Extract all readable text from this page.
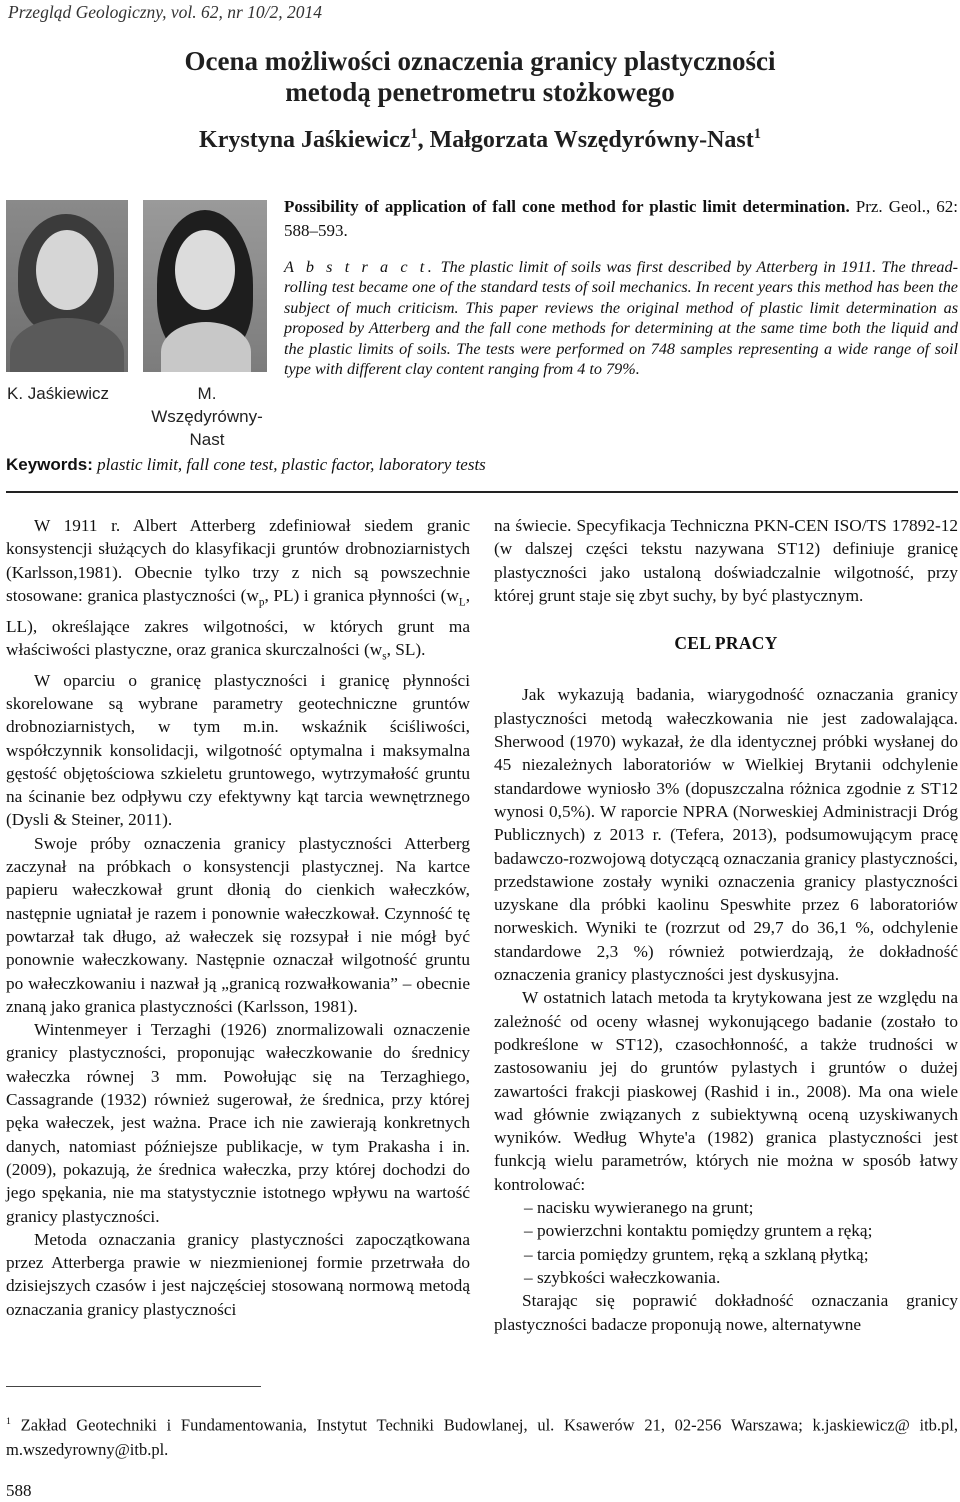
Przegląd Geologiczny, vol. 62, nr 10/2, 2014
Ocena możliwości oznaczenia granicy plastyczności
metodą penetrometru stożkowego
Krystyna Jaśkiewicz$^1$, Małgorzata Wszędyrówny-Nast$^1$
K. Jaśkiewicz	M. Wszędyrówny-Nast
Possibility of application of fall cone method for plastic limit determination. Prz. Geol., 62: 588–593.
A b s t r a c t. The plastic limit of soils was first described by Atterberg in 1911. The thread-rolling test became one of the standard tests of soil mechanics. In recent years this method has been the subject of much criticism. This paper reviews the original method of plastic limit determination as proposed by Atterberg and the fall cone methods for determining at the same time both the liquid and the plastic limits of soils. The tests were performed on 748 samples representing a wide range of soil type with different clay content ranging from 4 to 79%.
Keywords: plastic limit, fall cone test, plastic factor, laboratory tests

W 1911 r. Albert Atterberg zdefiniował siedem granic konsystencji służących do klasyfikacji gruntów drobnoziarnistych (Karlsson,1981). Obecnie tylko trzy z nich są powszechnie stosowane: granica plastyczności ($w_p$, PL) i granica płynności ($w_L$, LL), określające zakres wilgotności, w których grunt ma właściwości plastyczne, oraz granica skurczalności ($w_s$, SL).

W oparciu o granicę plastyczności i granicę płynności skorelowane są wybrane parametry geotechniczne gruntów drobnoziarnistych, w tym m.in. wskaźnik ściśliwości, współczynnik konsolidacji, wilgotność optymalna i maksymalna gęstość objętościowa szkieletu gruntowego, wytrzymałość gruntu na ścinanie bez odpływu czy efektywny kąt tarcia wewnętrznego (Dysli & Steiner, 2011).

Swoje próby oznaczenia granicy plastyczności Atterberg zaczynał na próbkach o konsystencji plastycznej. Na kartce papieru wałeczkował grunt dłonią do cienkich wałeczków, następnie ugniatał je razem i ponownie wałeczkował. Czynność tę powtarzał tak długo, aż wałeczek się rozsypał i nie mógł być ponownie wałeczkowany. Następnie oznaczał wilgotność gruntu po wałeczkowaniu i nazwał ją „granicą rozwałkowania” – obecnie znaną jako granica plastyczności (Karlsson, 1981).

Wintenmeyer i Terzaghi (1926) znormalizowali oznaczenie granicy plastyczności, proponując wałeczkowanie do średnicy wałeczka równej 3 mm. Powołując się na Terzaghiego, Cassagrande (1932) również sugerował, że średnica, przy której pęka wałeczek, jest ważna. Prace ich nie zawierają konkretnych danych, natomiast późniejsze publikacje, w tym Prakasha i in. (2009), pokazują, że średnica wałeczka, przy której dochodzi do jego spękania, nie ma statystycznie istotnego wpływu na wartość granicy plastyczności.

Metoda oznaczania granicy plastyczności zapoczątkowana przez Atterberga prawie w niezmienionej formie przetrwała do dzisiejszych czasów i jest najczęściej stosowaną normową metodą oznaczania granicy plastyczności

na świecie. Specyfikacja Techniczna PKN-CEN ISO/TS 17892-12 (w dalszej części tekstu nazywana ST12) definiuje granicę plastyczności jako ustaloną doświadczalnie wilgotność, przy której grunt staje się zbyt suchy, by być plastycznym.

CEL PRACY

Jak wykazują badania, wiarygodność oznaczania granicy plastyczności metodą wałeczkowania nie jest zadowalająca. Sherwood (1970) wykazał, że dla identycznej próbki wysłanej do 45 niezależnych laboratoriów w Wielkiej Brytanii odchylenie standardowe wyniosło 3% (dopuszczalna różnica zgodnie z ST12 wynosi 0,5%). W raporcie NPRA (Norweskiej Administracji Dróg Publicznych) z 2013 r. (Tefera, 2013), podsumowującym pracę badawczo-rozwojową dotyczącą oznaczania granicy plastyczności, przedstawione zostały wyniki oznaczenia granicy plastyczności uzyskane dla próbki kaolinu Speswhite przez 6 laboratoriów norweskich. Wyniki te (rozrzut od 29,7 do 36,1 %, odchylenie standardowe 2,3 %) również potwierdzają, że dokładność oznaczenia granicy plastyczności jest dyskusyjna.

W ostatnich latach metoda ta krytykowana jest ze względu na zależność od oceny własnej wykonującego badanie (zostało to podkreślone w ST12), czasochłonność, a także trudności w zastosowaniu jej do gruntów pylastych i gruntów o dużej zawartości frakcji piaskowej (Rashid i in., 2008). Ma ona wiele wad głównie związanych z subiektywną oceną uzyskiwanych wyników. Według Whyte'a (1982) granica plastyczności jest funkcją wielu parametrów, których nie można w sposób łatwy kontrolować:

– nacisku wywieranego na grunt;
– powierzchni kontaktu pomiędzy gruntem a ręką;
– tarcia pomiędzy gruntem, ręką a szklaną płytką;
– szybkości wałeczkowania.

Starając się poprawić dokładność oznaczania granicy plastyczności badacze proponują nowe, alternatywne

$^1$ Zakład Geotechniki i Fundamentowania, Instytut Techniki Budowlanej, ul. Ksawerów 21, 02-256 Warszawa; k.jaskiewicz@ itb.pl, m.wszedyrowny@itb.pl.
588
